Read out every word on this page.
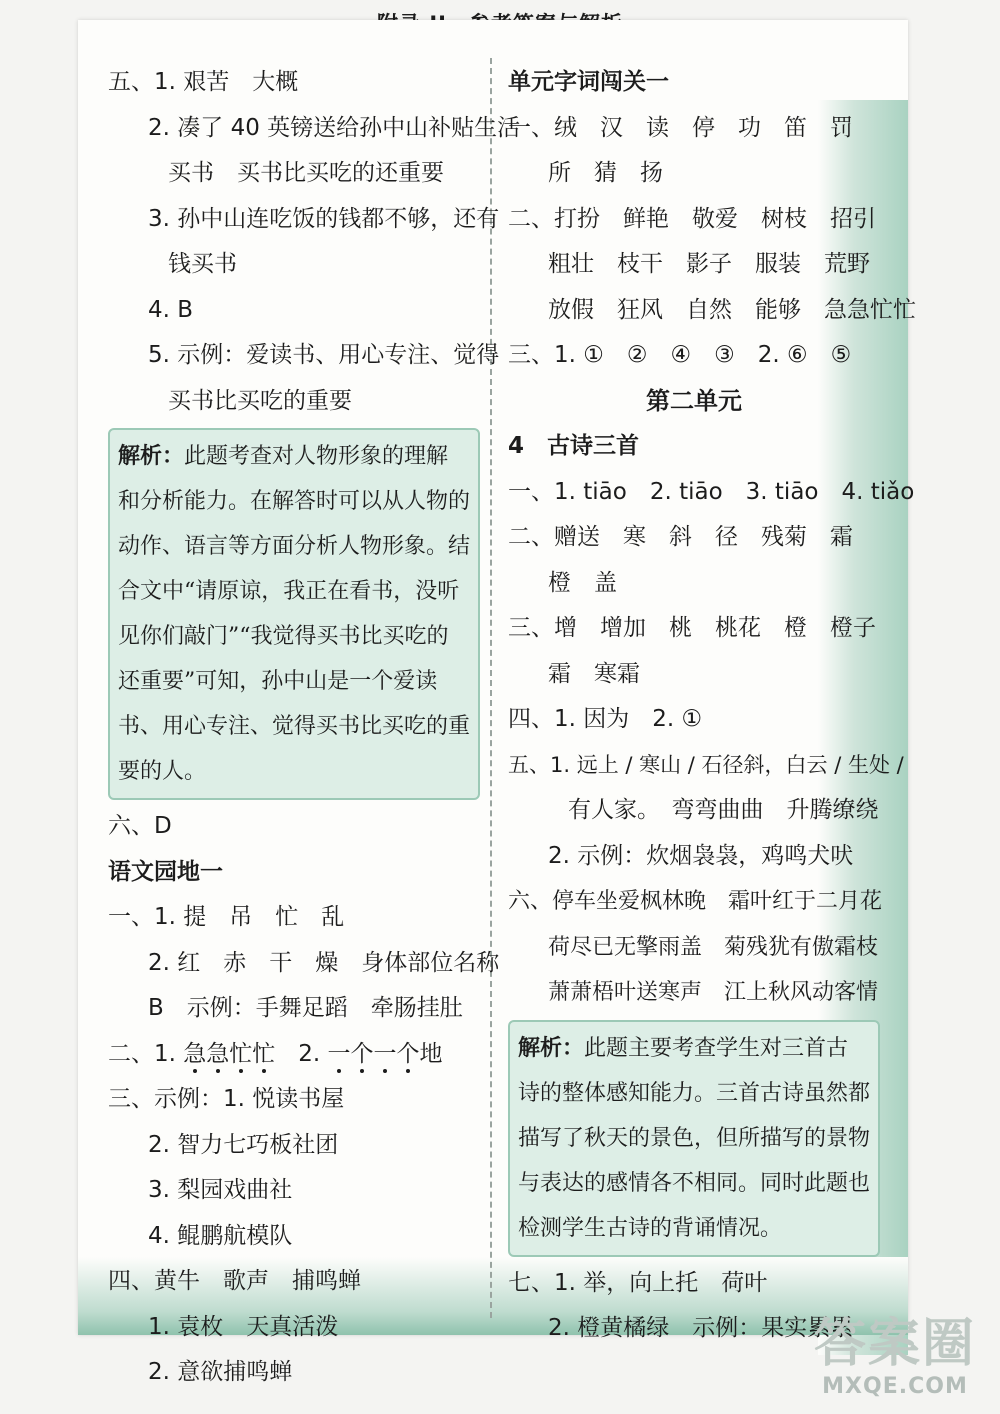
五、1. 艰苦　大概
2. 凑了 40 英镑送给孙中山补贴生活
买书　买书比买吃的还重要
3. 孙中山连吃饭的钱都不够，还有
钱买书
4. B
5. 示例：爱读书、用心专注、觉得
买书比买吃的重要
解析：此题考查对人物形象的理解和分析能力。在解答时可以从人物的动作、语言等方面分析人物形象。结合文中“请原谅，我正在看书，没听见你们敲门”“我觉得买书比买吃的还重要”可知，孙中山是一个爱读书、用心专注、觉得买书比买吃的重要的人。
六、D
语文园地一
一、1. 提　吊　忙　乱
2. 红　赤　干　燥　身体部位名称
B　示例：手舞足蹈　牵肠挂肚
二、1. 急急忙忙　2. 一个一个地
三、示例：1. 悦读书屋
2. 智力七巧板社团
3. 梨园戏曲社
4. 鲲鹏航模队
四、黄牛　歌声　捕鸣蝉
1. 袁枚　天真活泼
2. 意欲捕鸣蝉
单元字词闯关一
一、绒　汉　读　停　功　笛　罚
所　猜　扬
二、打扮　鲜艳　敬爱　树枝　招引
粗壮　枝干　影子　服装　荒野
放假　狂风　自然　能够　急急忙忙
三、1. ①　②　④　③　2. ⑥　⑤
第二单元
4　古诗三首
一、1. tiāo　2. tiāo　3. tiāo　4. tiǎo
二、赠送　寒　斜　径　残菊　霜
橙　盖
三、增　增加　桃　桃花　橙　橙子
霜　寒霜
四、1. 因为　2. ①
五、1. 远上 / 寒山 / 石径斜，白云 / 生处 /
有人家。　弯弯曲曲　升腾缭绕
2. 示例：炊烟袅袅，鸡鸣犬吠
六、停车坐爱枫林晚　霜叶红于二月花
荷尽已无擎雨盖　菊残犹有傲霜枝
萧萧梧叶送寒声　江上秋风动客情
解析：此题主要考查学生对三首古诗的整体感知能力。三首古诗虽然都描写了秋天的景色，但所描写的景物与表达的感情各不相同。同时此题也检测学生古诗的背诵情况。
七、1. 举，向上托　荷叶
2. 橙黄橘绿　示例：果实累累
答案圈
MXQE.COM
